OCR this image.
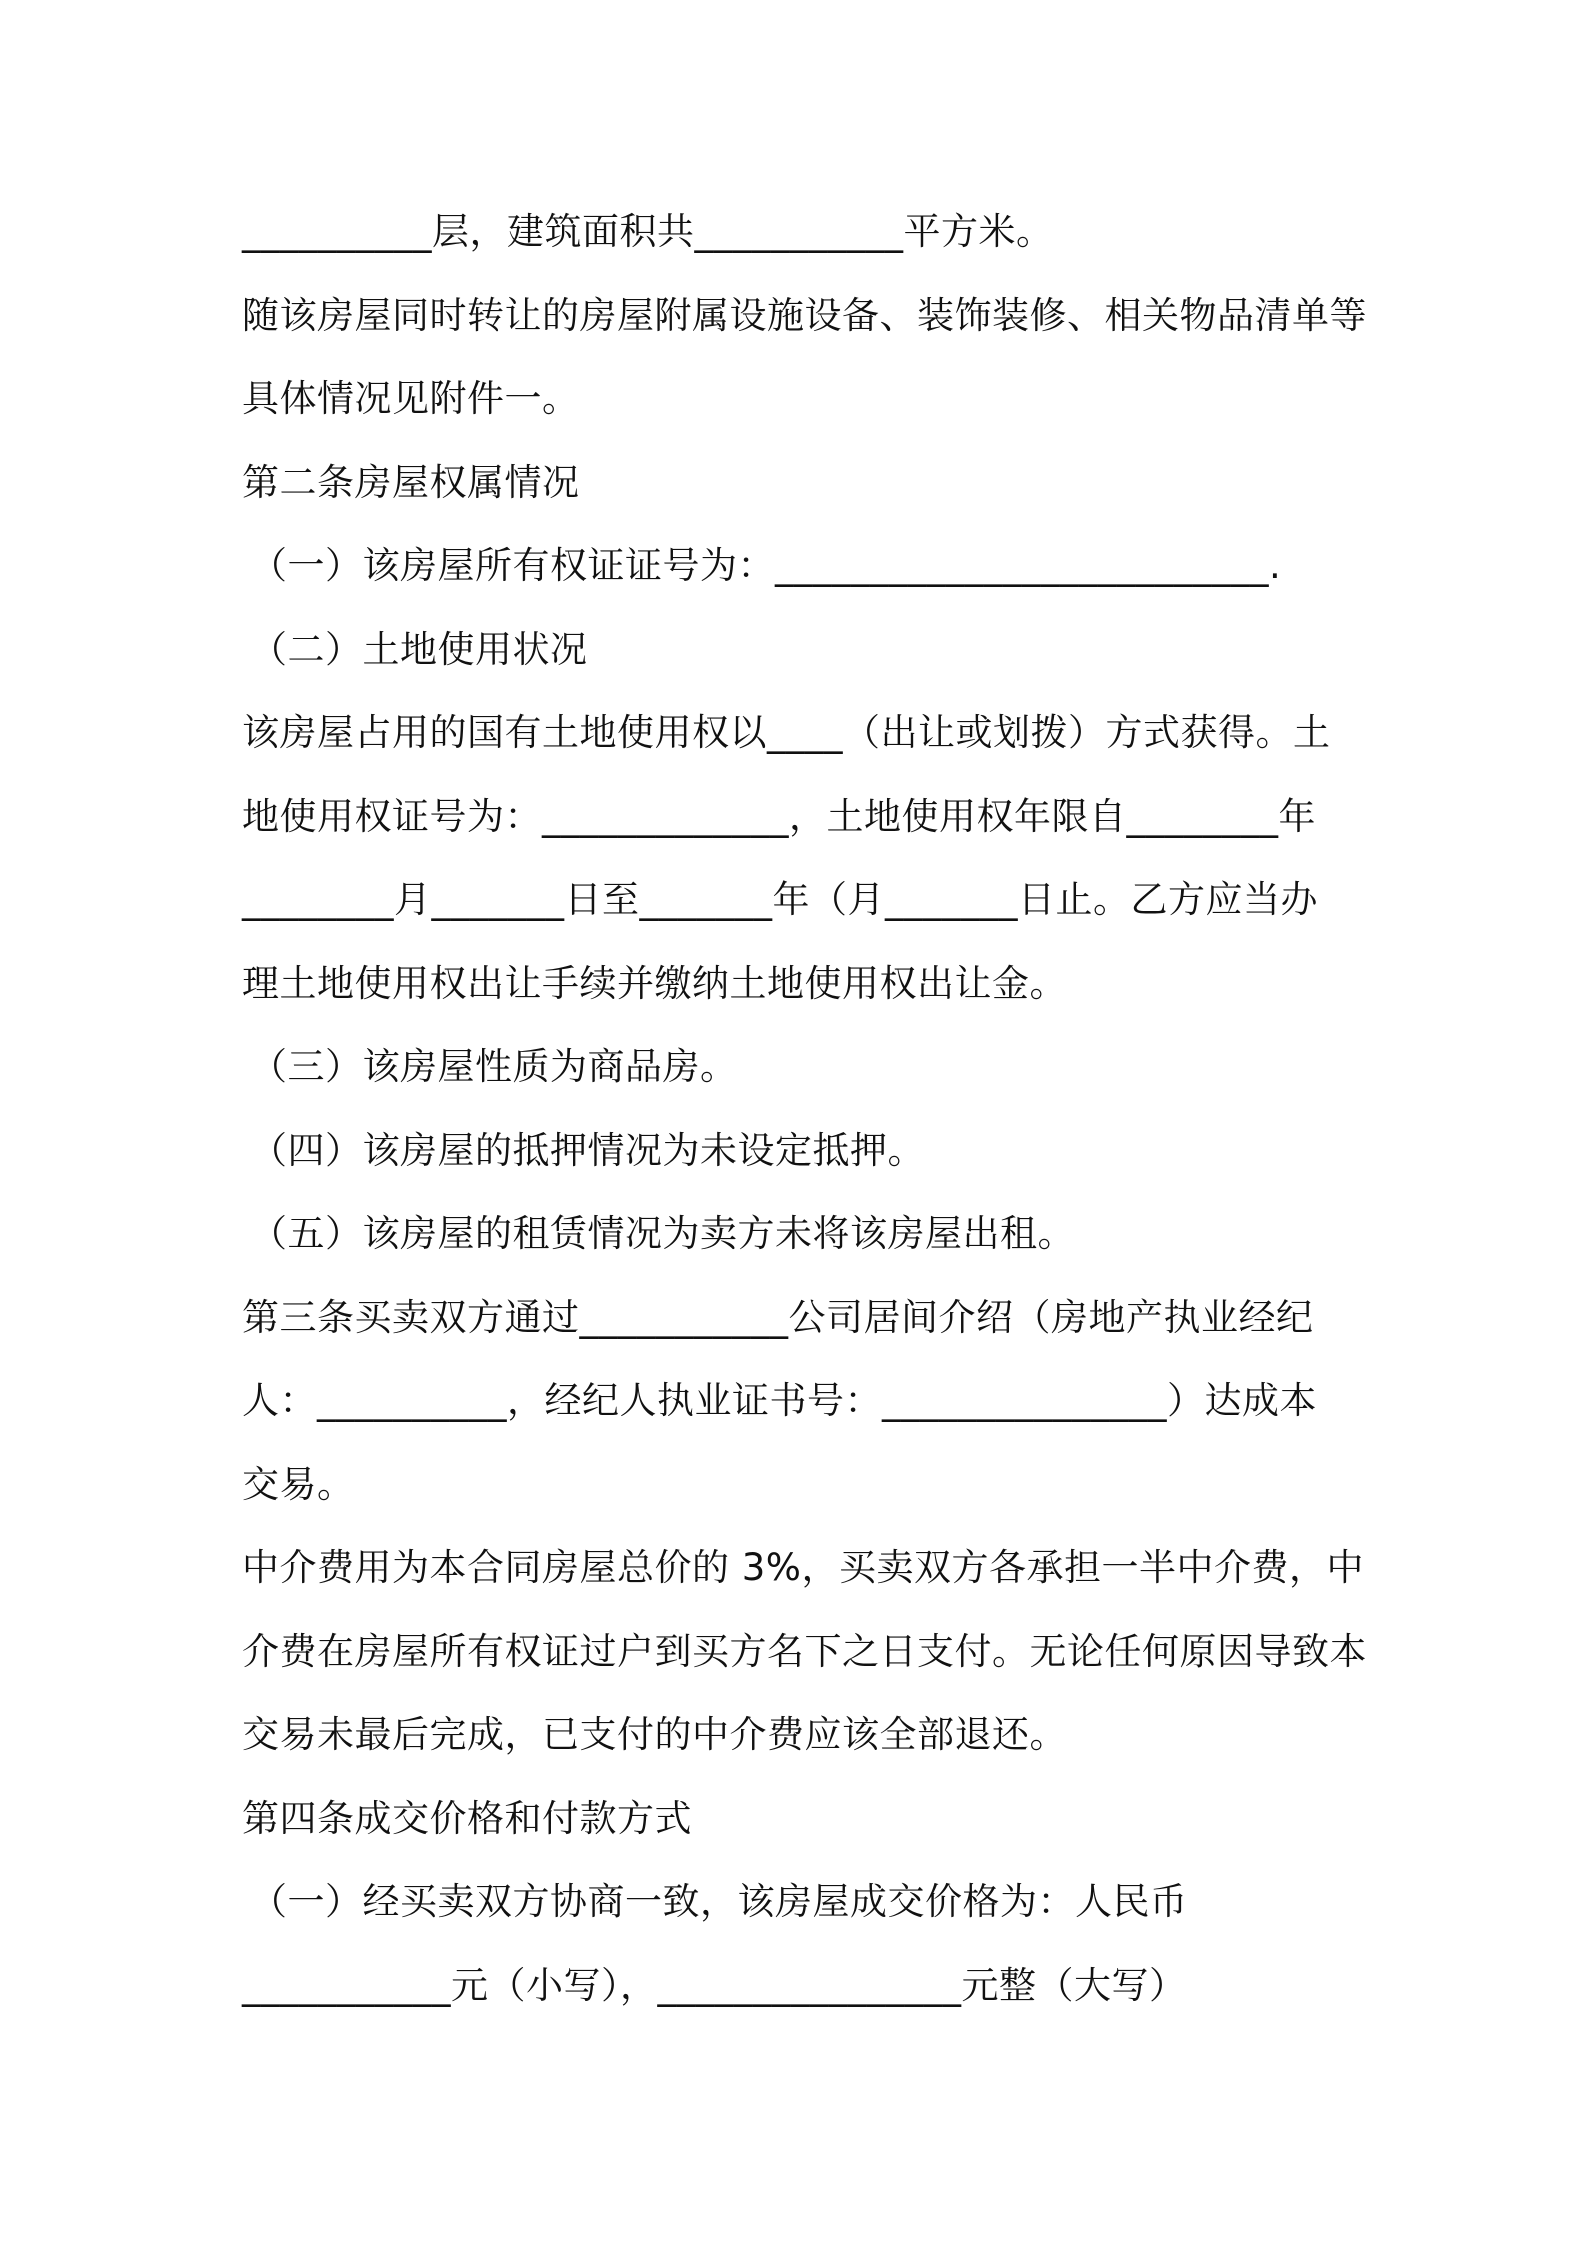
__________层，建筑面积共___________平方米。
随该房屋同时转让的房屋附属设施设备、装饰装修、相关物品清单等
具体情况见附件一。
第二条房屋权属情况
（一）该房屋所有权证证号为：__________________________.
（二）土地使用状况
该房屋占用的国有土地使用权以____（出让或划拨）方式获得。土
地使用权证号为：_____________，土地使用权年限自________年
________月_______日至_______年（月_______日止。乙方应当办
理土地使用权出让手续并缴纳土地使用权出让金。
（三）该房屋性质为商品房。
（四）该房屋的抵押情况为未设定抵押。
（五）该房屋的租赁情况为卖方未将该房屋出租。
第三条买卖双方通过___________公司居间介绍（房地产执业经纪
人：__________，经纪人执业证书号：_______________）达成本
交易。
中介费用为本合同房屋总价的 3%，买卖双方各承担一半中介费，中
介费在房屋所有权证过户到买方名下之日支付。无论任何原因导致本
交易未最后完成，已支付的中介费应该全部退还。
第四条成交价格和付款方式
（一）经买卖双方协商一致，该房屋成交价格为：人民币
___________元（小写），________________元整（大写）
